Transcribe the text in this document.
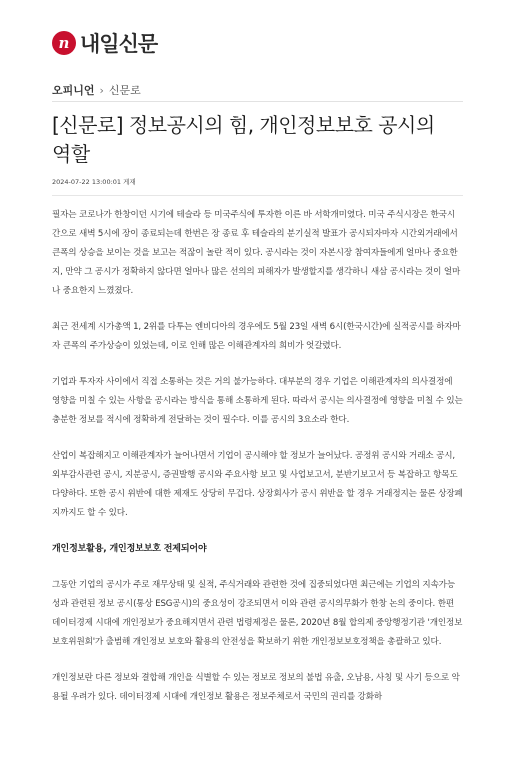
n 내일신문
오피니언 › 신문로
[신문로] 정보공시의 힘, 개인정보보호 공시의 역할
2024-07-22 13:00:01 게재

필자는 코로나가 한창이던 시기에 테슬라 등 미국주식에 투자한 이른 바 서학개미였다. 미국 주식시장은 한국시간으로 새벽 5시에 장이 종료되는데 한번은 장 종료 후 테슬라의 분기실적 발표가 공시되자마자 시간외거래에서 큰폭의 상승을 보이는 것을 보고는 적잖이 놀란 적이 있다. 공시라는 것이 자본시장 참여자들에게 얼마나 중요한지, 만약 그 공시가 정확하지 않다면 얼마나 많은 선의의 피해자가 발생할지를 생각하니 새삼 공시라는 것이 얼마나 중요한지 느꼈졌다.

최근 전세계 시가총액 1, 2위를 다투는 엔비디아의 경우에도 5월 23일 새벽 6시(한국시간)에 실적공시를 하자마자 큰폭의 주가상승이 있었는데, 이로 인해 많은 이해관계자의 희비가 엇갈렸다.

기업과 투자자 사이에서 직접 소통하는 것은 거의 불가능하다. 대부분의 경우 기업은 이해관계자의 의사결정에 영향을 미칠 수 있는 사항을 공시라는 방식을 통해 소통하게 된다. 따라서 공시는 의사결정에 영향을 미칠 수 있는 충분한 정보를 적시에 정확하게 전달하는 것이 필수다. 이를 공시의 3요소라 한다.

산업이 복잡해지고 이해관계자가 늘어나면서 기업이 공시해야 할 정보가 늘어났다. 공정위 공시와 거래소 공시, 외부감사관련 공시, 지분공시, 증권발행 공시와 주요사항 보고 및 사업보고서, 분반기보고서 등 복잡하고 항목도 다양하다. 또한 공시 위반에 대한 제재도 상당히 무겁다. 상장회사가 공시 위반을 할 경우 거래정지는 물론 상장폐지까지도 할 수 있다.

개인정보활용, 개인정보보호 전제되어야

그동안 기업의 공시가 주로 재무상태 및 실적, 주식거래와 관련한 것에 집중되었다면 최근에는 기업의 지속가능성과 관련된 정보 공시(통상 ESG공시)의 중요성이 강조되면서 이와 관련 공시의무화가 한창 논의 중이다. 한편 데이터경제 시대에 개인정보가 중요해지면서 관련 법령제정은 물론, 2020년 8월 합의제 중앙행정기관 '개인정보보호위원회'가 출범해 개인정보 보호와 활용의 안전성을 확보하기 위한 개인정보보호정책을 총괄하고 있다.

개인정보란 다른 정보와 결합해 개인을 식별할 수 있는 정보로 정보의 불법 유출, 오남용, 사칭 및 사기 등으로 악용될 우려가 있다. 데이터경제 시대에 개인정보 활용은 정보주체로서 국민의 권리를 강화하
